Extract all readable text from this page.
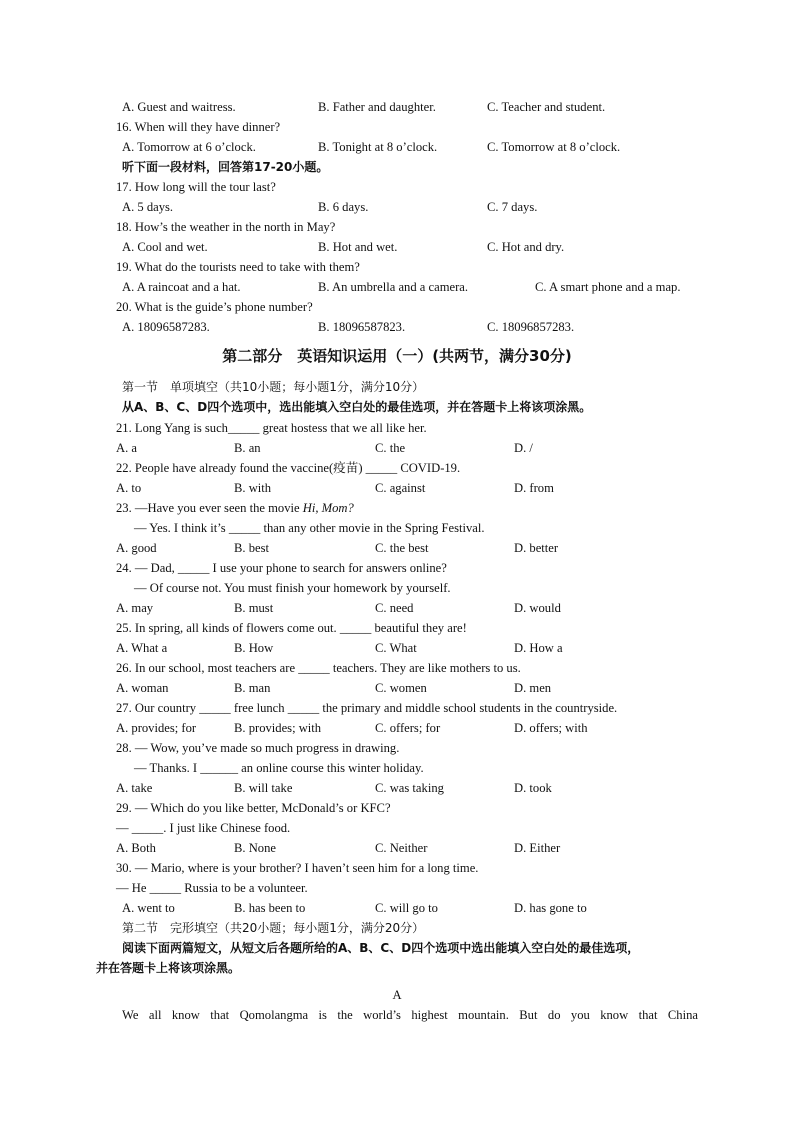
A. Guest and waitress.	B. Father and daughter.	C. Teacher and student.
16. When will they have dinner?
A. Tomorrow at 6 o’clock.	B. Tonight at 8 o’clock.	C. Tomorrow at 8 o’clock.
听下面一段材料，回答第17-20小题。
17. How long will the tour last?
A. 5 days.	B. 6 days.	C. 7 days.
18. How’s the weather in the north in May?
A. Cool and wet.	B. Hot and wet.	C. Hot and dry.
19. What do the tourists need to take with them?
A. A raincoat and a hat.	B. An umbrella and a camera.	C. A smart phone and a map.
20. What is the guide’s phone number?
A. 18096587283.	B. 18096587823.	C. 18096857283.
第二部分　英语知识运用（一）(共两节，满分30分)
第一节　单项填空（共10小题；每小题1分，满分10分）
从A、B、C、D四个选项中，选出能填入空白处的最佳选项，并在答题卡上将该项涂黑。
21. Long Yang is such_____ great hostess that we all like her.
A. a	B. an	C. the	D. /
22. People have already found the vaccine(疫苗) _____ COVID-19.
A. to	B. with	C. against	D. from
23. —Have you ever seen the movie Hi, Mom?
— Yes. I think it’s _____ than any other movie in the Spring Festival.
A. good	B. best	C. the best	D. better
24. — Dad, _____ I use your phone to search for answers online?
— Of course not. You must finish your homework by yourself.
A. may	B. must	C. need	D. would
25. In spring, all kinds of flowers come out. _____ beautiful they are!
A. What a	B. How	C. What	D. How a
26. In our school, most teachers are _____ teachers. They are like mothers to us.
A. woman	B. man	C. women	D. men
27. Our country _____ free lunch _____ the primary and middle school students in the countryside.
A. provides; for	B. provides; with	C. offers; for	D. offers; with
28. — Wow, you’ve made so much progress in drawing.
— Thanks. I ______ an online course this winter holiday.
A. take	B. will take	C. was taking	D. took
29. — Which do you like better, McDonald’s or KFC?
— _____. I just like Chinese food.
A. Both	B. None	C. Neither	D. Either
30. — Mario, where is your brother? I haven’t seen him for a long time.
— He _____ Russia to be a volunteer.
A. went to	B. has been to	C. will go to	D. has gone to
第二节　完形填空（共20小题；每小题1分，满分20分）
阅读下面两篇短文，从短文后各题所给的A、B、C、D四个选项中选出能填入空白处的最佳选项，
并在答题卡上将该项涂黑。
A
We all know that Qomolangma is the world’s highest mountain. But do you know that China
